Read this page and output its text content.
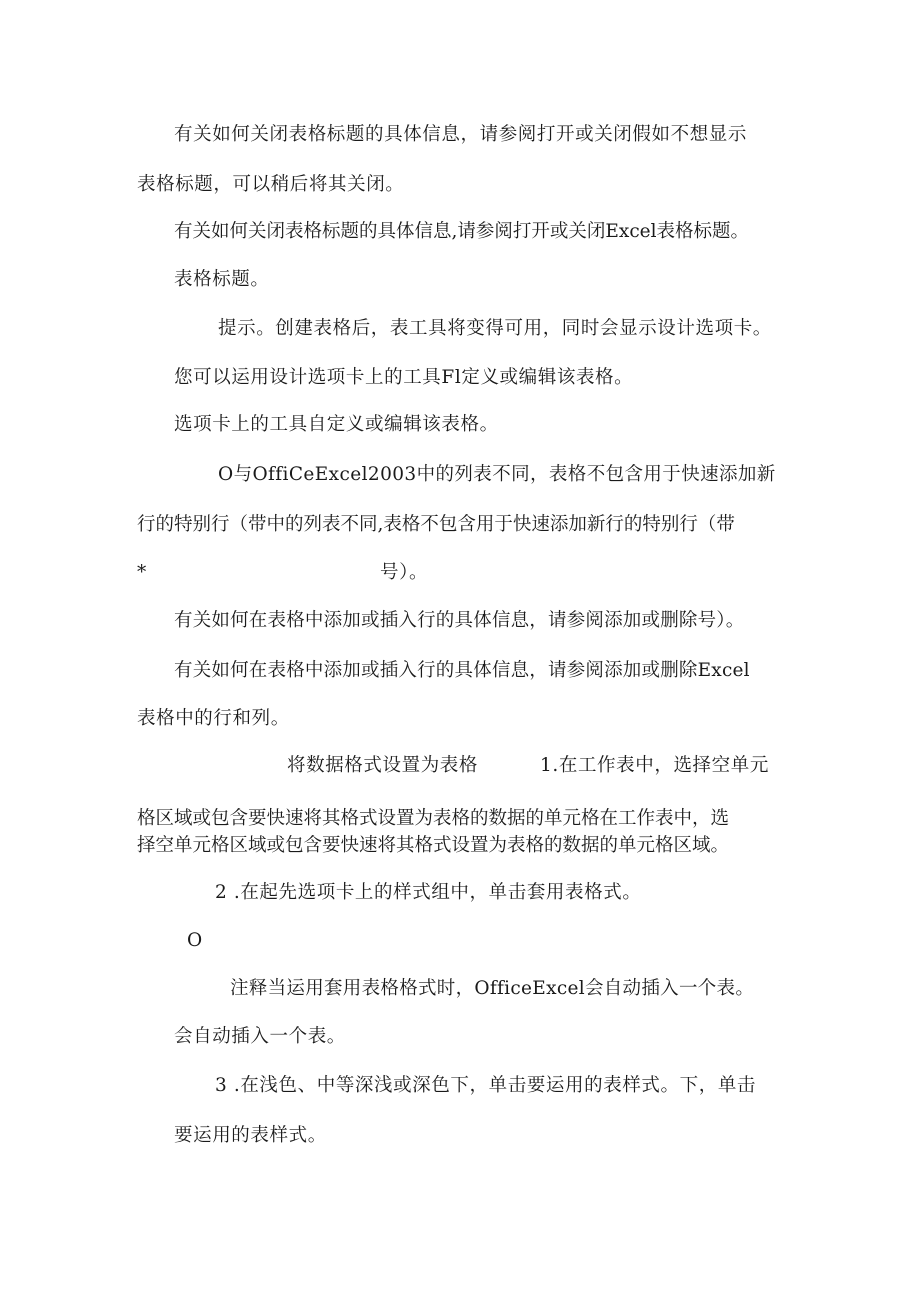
有关如何关闭表格标题的具体信息，请参阅打开或关闭假如不想显示
表格标题，可以稍后将其关闭。
有关如何关闭表格标题的具体信息,请参阅打开或关闭Excel表格标题。
表格标题。
提示。创建表格后，表工具将变得可用，同时会显示设计选项卡。
您可以运用设计选项卡上的工具Fl定义或编辑该表格。
选项卡上的工具自定义或编辑该表格。
O与OffiCeExcel2003中的列表不同，表格不包含用于快速添加新
行的特别行（带中的列表不同,表格不包含用于快速添加新行的特别行（带
*	号）。
有关如何在表格中添加或插入行的具体信息，请参阅添加或删除号）。
有关如何在表格中添加或插入行的具体信息，请参阅添加或删除Excel
表格中的行和列。
将数据格式设置为表格	1.在工作表中，选择空单元
格区域或包含要快速将其格式设置为表格的数据的单元格在工作表中，选
择空单元格区域或包含要快速将其格式设置为表格的数据的单元格区域。
2 .在起先选项卡上的样式组中，单击套用表格式。
O
注释当运用套用表格格式时，OfficeExcel会自动插入一个表。
会自动插入一个表。
3 .在浅色、中等深浅或深色下，单击要运用的表样式。下，单击
要运用的表样式。
